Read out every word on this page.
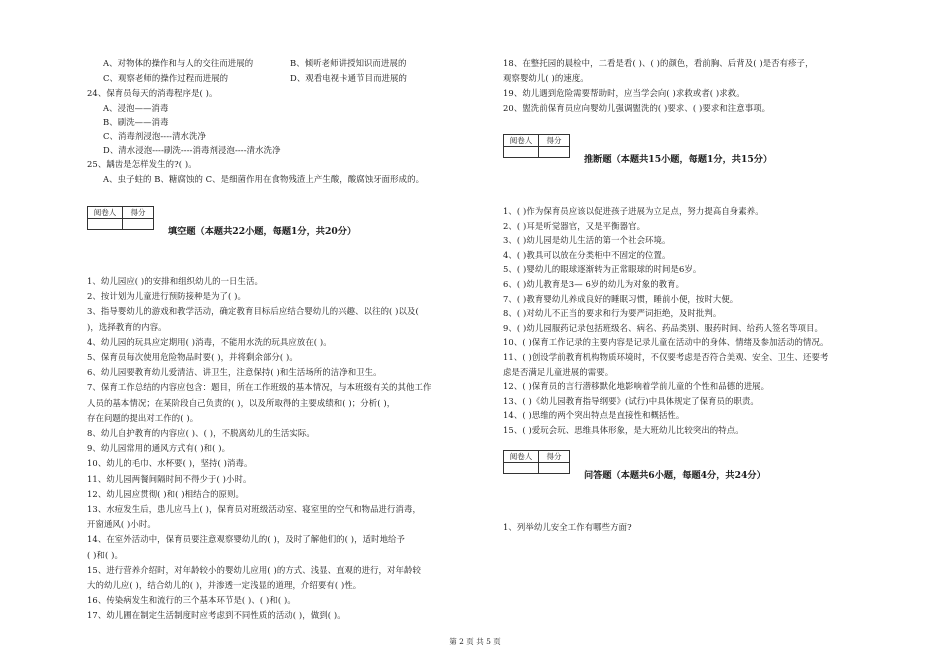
A、对物体的操作和与人的交往而进展的	B、倾听老师讲授知识而进展的
C、观察老师的操作过程而进展的	D、观看电视卡通节目而进展的
24、保育员每天的消毒程序是( )。
A、浸泡——消毒
B、刷洗——消毒
C、消毒剂浸泡----清水洗净
D、清水浸泡----刷洗----消毒剂浸泡----清水洗净
25、龋齿是怎样发生的?( )。
A、虫子蛀的 B、糖腐蚀的 C、是细菌作用在食物残渣上产生酸，酸腐蚀牙面形成的。
阅卷人	得分

填空题（本题共22小题，每题1分，共20分）
1、幼儿园应( )的安排和组织幼儿的一日生活。
2、按计划为儿童进行预防接种是为了( )。
3、指导婴幼儿的游戏和教学活动，确定教育目标后应结合婴幼儿的兴趣、以往的( )以及(
)，选择教育的内容。
4、幼儿园的玩具应定期用( )消毒，不能用水洗的玩具应放在( )。
5、保育员每次使用危险物品时要( )，并将剩余部分( )。
6、幼儿园要教育幼儿爱清洁、讲卫生，注意保持( )和生活场所的洁净和卫生。
7、保育工作总结的内容应包含：题目，所在工作班级的基本情况，与本班级有关的其他工作
人员的基本情况；在某阶段自己负责的( )，以及所取得的主要成绩和( )；分析( )，
存在问题的提出对工作的( )。
8、幼儿自护教育的内容应( )、( )，不脱离幼儿的生活实际。
9、幼儿园常用的通风方式有( )和( )。
10、幼儿的毛巾、水杯要( )，坚持( )消毒。
11、幼儿园两餐间隔时间不得少于( )小时。
12、幼儿园应贯彻( )和( )相结合的原则。
13、水痘发生后，患儿应马上( )，保育员对班级活动室、寝室里的空气和物品进行消毒，
开窗通风( )小时。
14、在室外活动中，保育员要注意观察婴幼儿的( )，及时了解他们的( )，适时地给予
( )和( )。
15、进行营养介绍时，对年龄较小的婴幼儿应用( )的方式、浅显、直观的进行，对年龄较
大的幼儿应( )，结合幼儿的( )，并渗透一定浅显的道理，介绍要有( )性。
16、传染病发生和流行的三个基本环节是( )、( )和( )。
17、幼儿圃在制定生活制度时应考虑到不同性质的活动( )，做到( )。
18、在整托园的晨检中，二看是看( )、( )的颜色，看前胸、后背及( )是否有疹子，
观察婴幼儿( )的速度。
19、幼儿遇到危险需要帮助时，应当学会向( )求救或者( )求救。
20、盥洗前保育员应向婴幼儿强调盥洗的( )要求、( )要求和注意事项。
阅卷人	得分

推断题（本题共15小题，每题1分，共15分）
1、( )作为保育员应该以促进孩子进展为立足点，努力提高自身素养。
2、( )耳是听觉器官，又是平衡器官。
3、( )幼儿园是幼儿生活的第一个社会环境。
4、( )教具可以放在分类柜中不固定的位置。
5、( )婴幼儿的眼球逐渐转为正常眼球的时间是6岁。
6、( )幼儿教育是3— 6岁的幼儿为对象的教育。
7、( )教育婴幼儿养成良好的睡眠习惯，睡前小便，按时大便。
8、( )对幼儿不正当的要求和行为要严词拒绝，及时批判。
9、( )幼儿园服药记录包括班级名、病名、药品类别、服药时间、给药人签名等项目。
10、( )保育工作记录的主要内容是记录儿童在活动中的身体、情绪及参加活动的情况。
11、( )创设学前教育机构物质环境时，不仅要考虑是否符合美观、安全、卫生、还要考
虑是否满足儿童进展的需要。
12、( )保育员的言行潜移默化地影响着学前儿童的个性和品德的进展。
13、( )《幼儿园教育指导纲要》(试行)中具体规定了保育员的职责。
14、( )思维的两个突出特点是直接性和概括性。
15、( )爱玩会玩、思维具体形象，是大班幼儿比较突出的特点。
阅卷人	得分

问答题（本题共6小题，每题4分，共24分）
1、列举幼儿安全工作有哪些方面?
第 2 页 共 5 页
